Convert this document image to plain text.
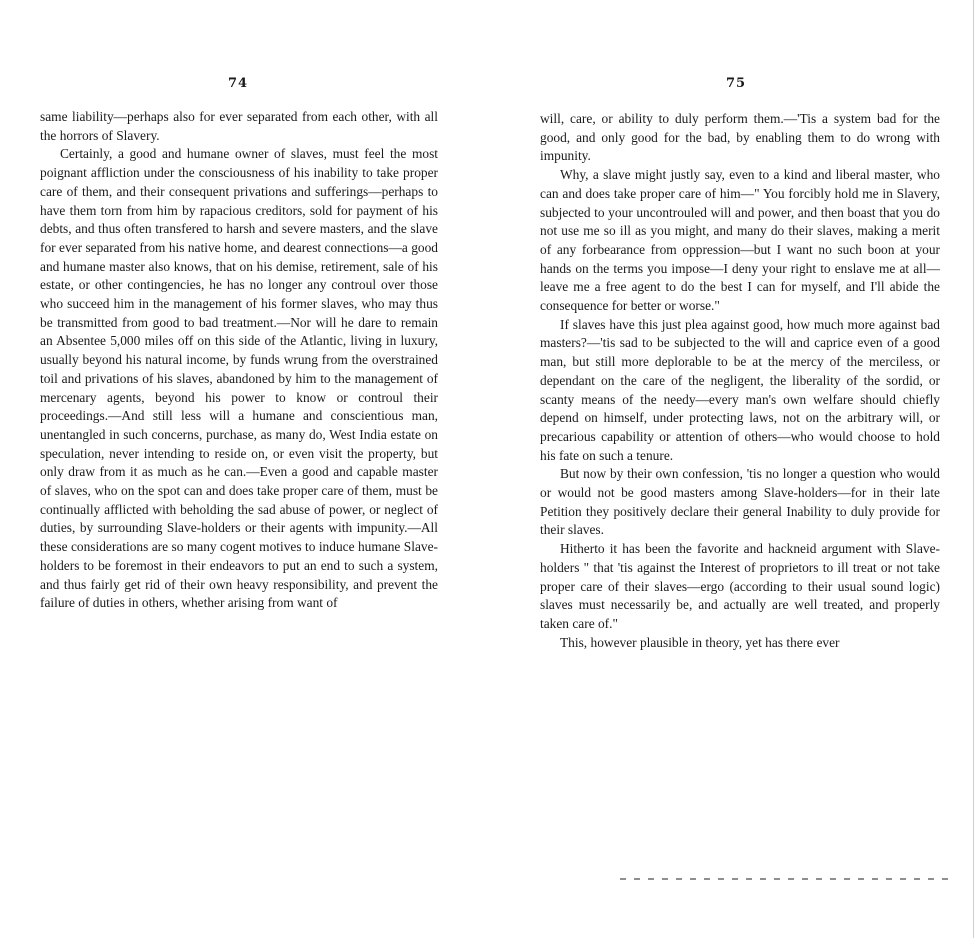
74

same liability—perhaps also for ever separated from each other, with all the horrors of Slavery.

Certainly, a good and humane owner of slaves, must feel the most poignant affliction under the consciousness of his inability to take proper care of them, and their consequent privations and sufferings—perhaps to have them torn from him by rapacious creditors, sold for payment of his debts, and thus often transfered to harsh and severe masters, and the slave for ever separated from his native home, and dearest connections—a good and humane master also knows, that on his demise, retirement, sale of his estate, or other contingencies, he has no longer any controul over those who succeed him in the management of his former slaves, who may thus be transmitted from good to bad treatment.—Nor will he dare to remain an Absentee 5,000 miles off on this side of the Atlantic, living in luxury, usually beyond his natural income, by funds wrung from the overstrained toil and privations of his slaves, abandoned by him to the management of mercenary agents, beyond his power to know or controul their proceedings.—And still less will a humane and conscientious man, unentangled in such concerns, purchase, as many do, West India estate on speculation, never intending to reside on, or even visit the property, but only draw from it as much as he can.—Even a good and capable master of slaves, who on the spot can and does take proper care of them, must be continually afflicted with beholding the sad abuse of power, or neglect of duties, by surrounding Slave-holders or their agents with impunity.—All these considerations are so many cogent motives to induce humane Slave-holders to be foremost in their endeavors to put an end to such a system, and thus fairly get rid of their own heavy responsibility, and prevent the failure of duties in others, whether arising from want of

75

will, care, or ability to duly perform them.—'Tis a system bad for the good, and only good for the bad, by enabling them to do wrong with impunity.

Why, a slave might justly say, even to a kind and liberal master, who can and does take proper care of him—" You forcibly hold me in Slavery, subjected to your uncontrouled will and power, and then boast that you do not use me so ill as you might, and many do their slaves, making a merit of any forbearance from oppression—but I want no such boon at your hands on the terms you impose—I deny your right to enslave me at all—leave me a free agent to do the best I can for myself, and I'll abide the consequence for better or worse."

If slaves have this just plea against good, how much more against bad masters?—'tis sad to be subjected to the will and caprice even of a good man, but still more deplorable to be at the mercy of the merciless, or dependant on the care of the negligent, the liberality of the sordid, or scanty means of the needy—every man's own welfare should chiefly depend on himself, under protecting laws, not on the arbitrary will, or precarious capability or attention of others—who would choose to hold his fate on such a tenure.

But now by their own confession, 'tis no longer a question who would or would not be good masters among Slave-holders—for in their late Petition they positively declare their general Inability to duly provide for their slaves.

Hitherto it has been the favorite and hackneid argument with Slave-holders " that 'tis against the Interest of proprietors to ill treat or not take proper care of their slaves—ergo (according to their usual sound logic) slaves must necessarily be, and actually are well treated, and properly taken care of."

This, however plausible in theory, yet has there ever
